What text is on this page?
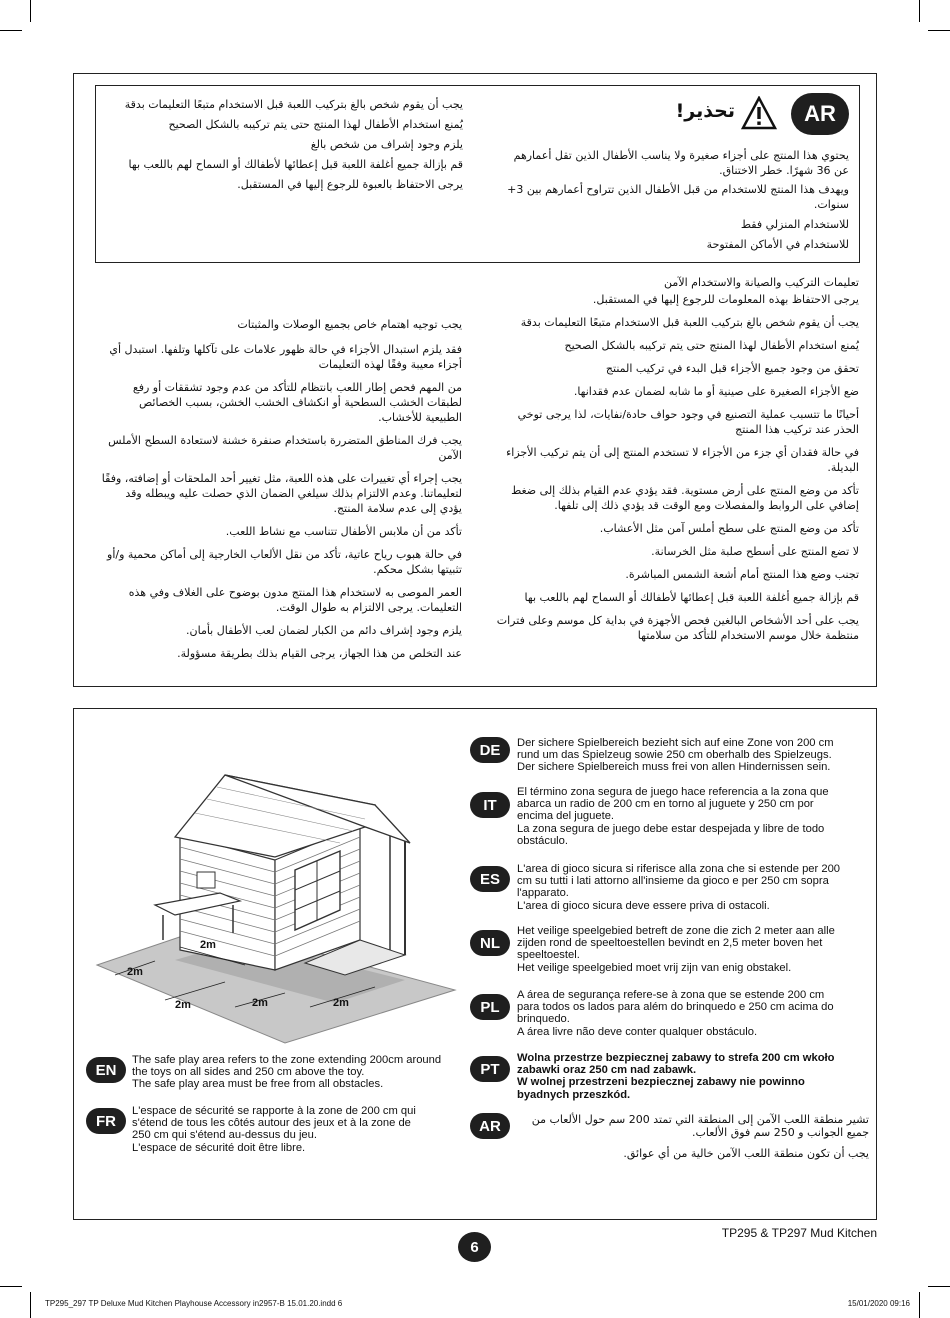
AR
تحذير!
يحتوي هذا المنتج على أجزاء صغيرة ولا يناسب الأطفال الذين تقل أعمارهم عن 36 شهرًا. خطر الاختناق.
ويهدف هذا المنتج للاستخدام من قبل الأطفال الذين تتراوح أعمارهم بين 3+ سنوات.
للاستخدام المنزلي فقط
للاستخدام في الأماكن المفتوحة
يجب أن يقوم شخص بالغ بتركيب اللعبة قبل الاستخدام متبعًا التعليمات بدقة
يُمنع استخدام الأطفال لهذا المنتج حتى يتم تركيبه بالشكل الصحيح
يلزم وجود إشراف من شخص بالغ
قم بإزالة جميع أغلفة اللعبة قبل إعطائها لأطفالك أو السماح لهم باللعب بها
يرجى الاحتفاظ بالعبوة للرجوع إليها في المستقبل.
تعليمات التركيب والصيانة والاستخدام الآمن
يرجى الاحتفاظ بهذه المعلومات للرجوع إليها في المستقبل.
يجب أن يقوم شخص بالغ بتركيب اللعبة قبل الاستخدام متبعًا التعليمات بدقة
يُمنع استخدام الأطفال لهذا المنتج حتى يتم تركيبه بالشكل الصحيح
تحقق من وجود جميع الأجزاء قبل البدء في تركيب المنتج
ضع الأجزاء الصغيرة على صينية أو ما شابه لضمان عدم فقدانها.
أحيانًا ما تتسبب عملية التصنيع في وجود حواف حادة/نفايات، لذا يرجى توخي الحذر عند تركيب هذا المنتج
في حالة فقدان أي جزء من الأجزاء لا تستخدم المنتج إلى أن يتم تركيب الأجزاء البديلة.
تأكد من وضع المنتج على أرض مستوية. فقد يؤدي عدم القيام بذلك إلى ضغط إضافي على الروابط والمفصلات ومع الوقت قد يؤدي ذلك إلى تلفها.
تأكد من وضع المنتج على سطح أملس آمن مثل الأعشاب.
لا تضع المنتج على أسطح صلبة مثل الخرسانة.
تجنب وضع هذا المنتج أمام أشعة الشمس المباشرة.
قم بإزالة جميع أغلفة اللعبة قبل إعطائها لأطفالك أو السماح لهم باللعب بها
يجب على أحد الأشخاص البالغين فحص الأجهزة في بداية كل موسم وعلى فترات منتظمة خلال موسم الاستخدام للتأكد من سلامتها
يجب توجيه اهتمام خاص بجميع الوصلات والمثبتات
فقد يلزم استبدال الأجزاء في حالة ظهور علامات على تآكلها وتلفها. استبدل أي أجزاء معيبة وفقًا لهذه التعليمات
من المهم فحص إطار اللعب بانتظام للتأكد من عدم وجود تشققات أو رفع لطبقات الخشب السطحية أو انكشاف الخشب الخشن، بسبب الخصائص الطبيعية للأخشاب.
يجب فرك المناطق المتضررة باستخدام صنفرة خشنة لاستعادة السطح الأملس الآمن
يجب إجراء أي تغييرات على هذه اللعبة، مثل تغيير أحد الملحقات أو إضافته، وفقًا لتعليماتنا. وعدم الالتزام بذلك سيلغي الضمان الذي حصلت عليه ويبطله وقد يؤدي إلى عدم سلامة المنتج.
تأكد من أن ملابس الأطفال تتناسب مع نشاط اللعب.
في حالة هبوب رياح عاتية، تأكد من نقل الألعاب الخارجية إلى أماكن محمية و/أو تثبيتها بشكل محكم.
العمر الموصى به لاستخدام هذا المنتج مدون بوضوح على الغلاف وفي هذه التعليمات. يرجى الالتزام به طوال الوقت.
يلزم وجود إشراف دائم من الكبار لضمان لعب الأطفال بأمان.
عند التخلص من هذا الجهاز، يرجى القيام بذلك بطريقة مسؤولة.
2m
2m
2m	2m	2m
EN
The safe play area refers to the zone extending 200cm around
the toys on all sides and 250 cm above the toy.
The safe play area must be free from all obstacles.
FR
L'espace de sécurité se rapporte à la zone de 200 cm qui
s'étend de tous les côtés autour des jeux et à la zone de
250 cm qui s'étend au-dessus du jeu.
L'espace de sécurité doit être libre.
DE	Der sichere Spielbereich bezieht sich auf eine Zone von 200 cm
rund um das Spielzeug sowie 250 cm oberhalb des Spielzeugs.
Der sichere Spielbereich muss frei von allen Hindernissen sein.
IT
El término zona segura de juego hace referencia a la zona que
abarca un radio de 200 cm en torno al juguete y 250 cm por
encima del juguete.
La zona segura de juego debe estar despejada y libre de todo
obstáculo.
ES
L'area di gioco sicura si riferisce alla zona che si estende per 200
cm su tutti i lati attorno all'insieme da gioco e per 250 cm sopra
l'apparato.
L'area di gioco sicura deve essere priva di ostacoli.
NL
Het veilige speelgebied betreft de zone die zich 2 meter aan alle
zijden rond de speeltoestellen bevindt en 2,5 meter boven het
speeltoestel.
Het veilige speelgebied moet vrij zijn van enig obstakel.
PL
A área de segurança refere-se à zona que se estende 200 cm
para todos os lados para além do brinquedo e 250 cm acima do
brinquedo.
A área livre não deve conter qualquer obstáculo.
PT
Wolna przestrze bezpiecznej zabawy to strefa 200 cm wkoło
zabawki oraz 250 cm nad zabawk.
W wolnej przestrzeni bezpiecznej zabawy nie powinno
byadnych przeszkód.
AR	تشير منطقة اللعب الآمن إلى المنطقة التي تمتد 200 سم حول الألعاب من
جميع الجوانب و 250 سم فوق الألعاب.
يجب أن تكون منطقة اللعب الآمن خالية من أي عوائق.
TP295 & TP297 Mud Kitchen
6
TP295_297 TP Deluxe Mud Kitchen Playhouse Accessory in2957-B 15.01.20.indd 6	15/01/2020 09:16
